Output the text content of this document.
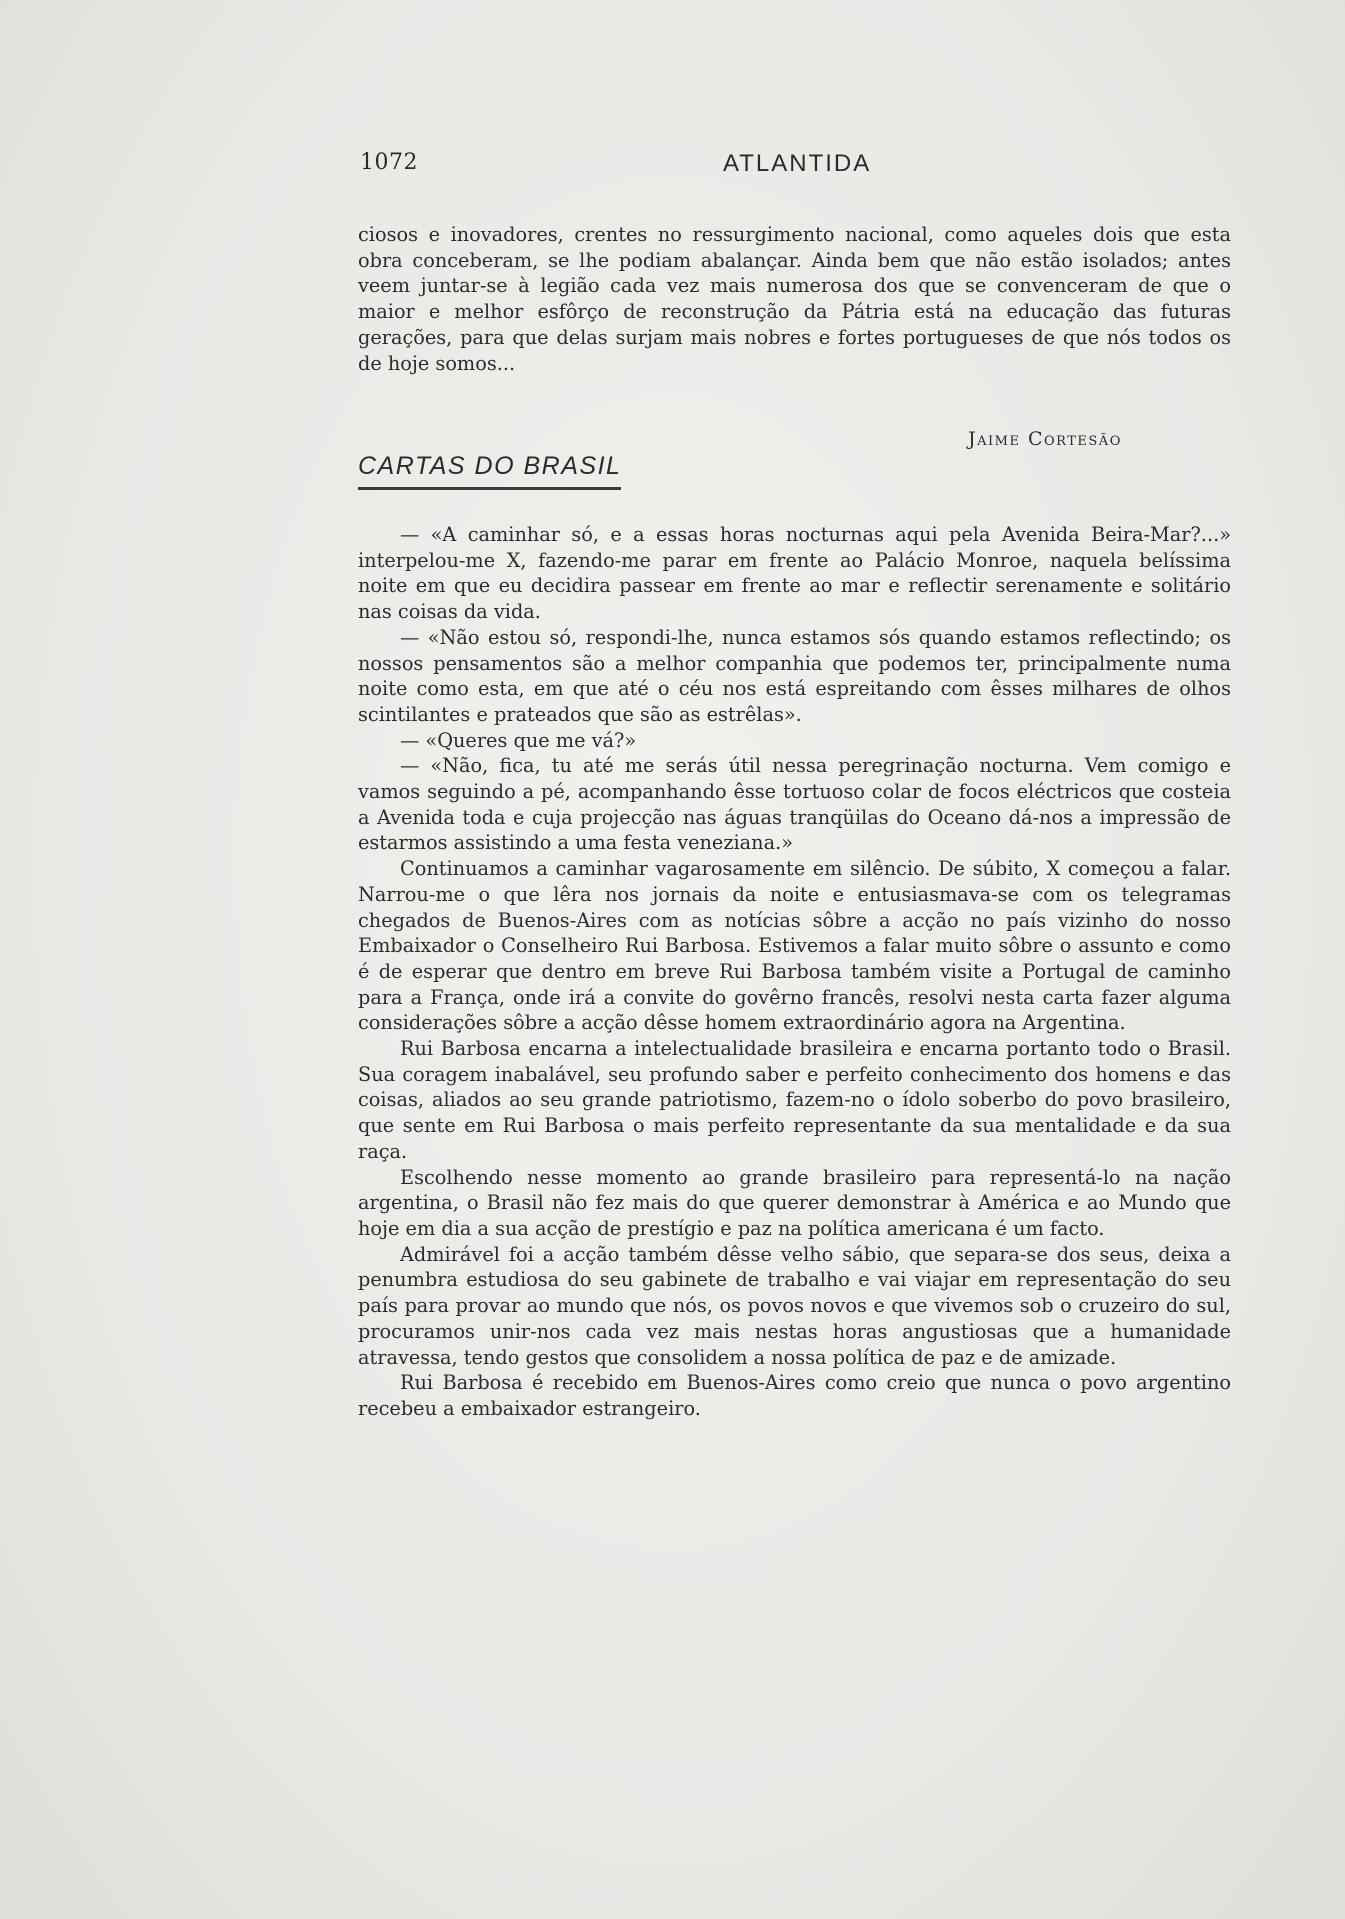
1072	ATLANTIDA

ciosos e inovadores, crentes no ressurgimento nacional, como aqueles dois que esta obra conceberam, se lhe podiam abalançar. Ainda bem que não estão isolados; antes veem juntar-se à legião cada vez mais numerosa dos que se convenceram de que o maior e melhor esfôrço de reconstrução da Pátria está na educação das futuras gerações, para que delas surjam mais nobres e fortes portugueses de que nós todos os de hoje somos...

Jaime Cortesão
CARTAS DO BRASIL

— «A caminhar só, e a essas horas nocturnas aqui pela Avenida Beira-Mar?...» interpelou-me X, fazendo-me parar em frente ao Palácio Monroe, naquela belíssima noite em que eu decidira passear em frente ao mar e reflectir serenamente e solitário nas coisas da vida.

— «Não estou só, respondi-lhe, nunca estamos sós quando estamos reflectindo; os nossos pensamentos são a melhor companhia que podemos ter, principalmente numa noite como esta, em que até o céu nos está espreitando com êsses milhares de olhos scintilantes e prateados que são as estrêlas».

— «Queres que me vá?»

— «Não, fica, tu até me serás útil nessa peregrinação nocturna. Vem comigo e vamos seguindo a pé, acompanhando êsse tortuoso colar de focos eléctricos que costeia a Avenida toda e cuja projecção nas águas tranqüilas do Oceano dá-nos a impressão de estarmos assistindo a uma festa veneziana.»

Continuamos a caminhar vagarosamente em silêncio. De súbito, X começou a falar. Narrou-me o que lêra nos jornais da noite e entusiasmava-se com os telegramas chegados de Buenos-Aires com as notícias sôbre a acção no país vizinho do nosso Embaixador o Conselheiro Rui Barbosa. Estivemos a falar muito sôbre o assunto e como é de esperar que dentro em breve Rui Barbosa também visite a Portugal de caminho para a França, onde irá a convite do govêrno francês, resolvi nesta carta fazer alguma considerações sôbre a acção dêsse homem extraordinário agora na Argentina.

Rui Barbosa encarna a intelectualidade brasileira e encarna portanto todo o Brasil. Sua coragem inabalável, seu profundo saber e perfeito conhecimento dos homens e das coisas, aliados ao seu grande patriotismo, fazem-no o ídolo soberbo do povo brasileiro, que sente em Rui Barbosa o mais perfeito representante da sua mentalidade e da sua raça.

Escolhendo nesse momento ao grande brasileiro para representá-lo na nação argentina, o Brasil não fez mais do que querer demonstrar à América e ao Mundo que hoje em dia a sua acção de prestígio e paz na política americana é um facto.

Admirável foi a acção também dêsse velho sábio, que separa-se dos seus, deixa a penumbra estudiosa do seu gabinete de trabalho e vai viajar em representação do seu país para provar ao mundo que nós, os povos novos e que vivemos sob o cruzeiro do sul, procuramos unir-nos cada vez mais nestas horas angustiosas que a humanidade atravessa, tendo gestos que consolidem a nossa política de paz e de amizade.

Rui Barbosa é recebido em Buenos-Aires como creio que nunca o povo argentino recebeu a embaixador estrangeiro.
